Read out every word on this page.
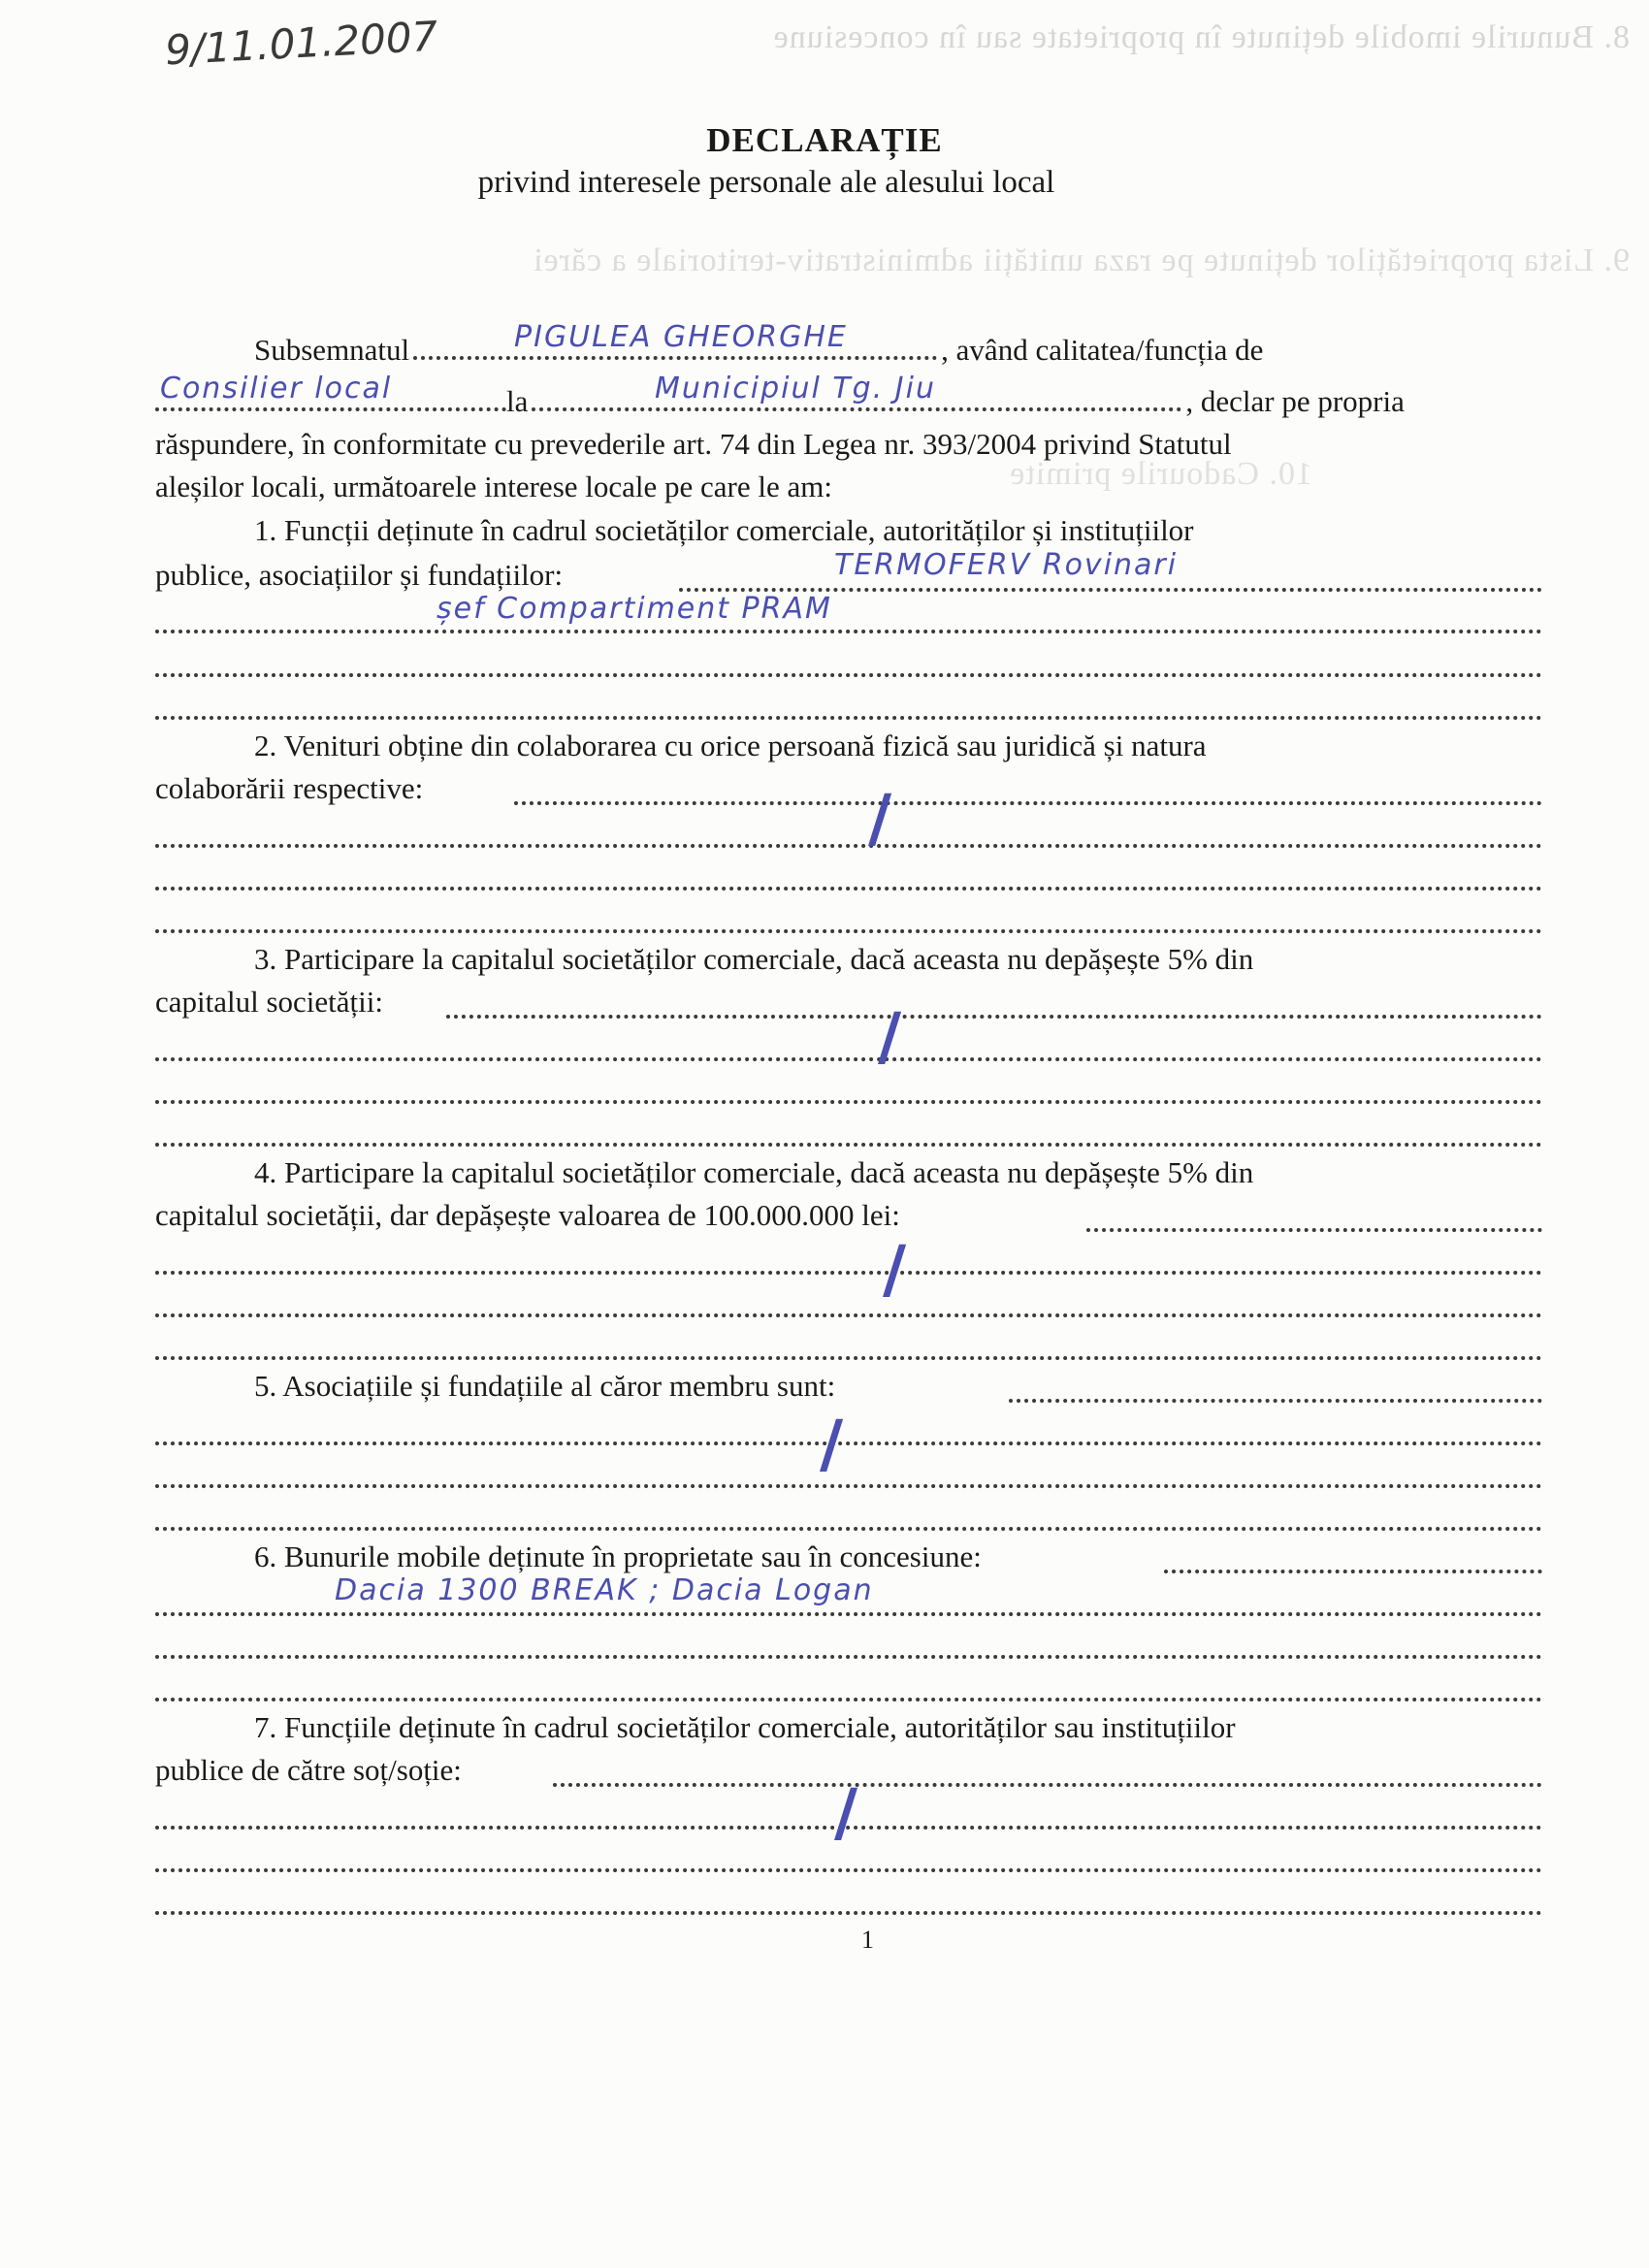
8. Bunurile imobile deținute în proprietate sau în concesiune
9. Lista proprietăților deținute pe raza unității administrativ-teritoriale a cărei
10. Cadourile primite
9/11.01.2007
DECLARAȚIE
privind interesele personale ale alesului local
Subsemnatul	, având calitatea/funcția de
PIGULEA GHEORGHE
la	, declar pe propria
Consilier local	Municipiul Tg. Jiu
răspundere, în conformitate cu prevederile art. 74 din Legea nr. 393/2004 privind Statutul
aleșilor locali, următoarele interese locale pe care le am:
1. Funcții deținute în cadrul societăților comerciale, autorităților și instituțiilor
publice, asociațiilor și fundațiilor:	TERMOFERV Rovinari
șef Compartiment PRAM
2. Venituri obține din colaborarea cu orice persoană fizică sau juridică și natura
colaborării respective:	/
3. Participare la capitalul societăților comerciale, dacă aceasta nu depășește 5% din
capitalul societății:	/
4. Participare la capitalul societăților comerciale, dacă aceasta nu depășește 5% din
capitalul societății, dar depășește valoarea de 100.000.000 lei:
/
5. Asociațiile și fundațiile al căror membru sunt:
/
6. Bunurile mobile deținute în proprietate sau în concesiune:
Dacia 1300 BREAK ; Dacia Logan
7. Funcțiile deținute în cadrul societăților comerciale, autorităților sau instituțiilor
publice de către soț/soție:
/
1
